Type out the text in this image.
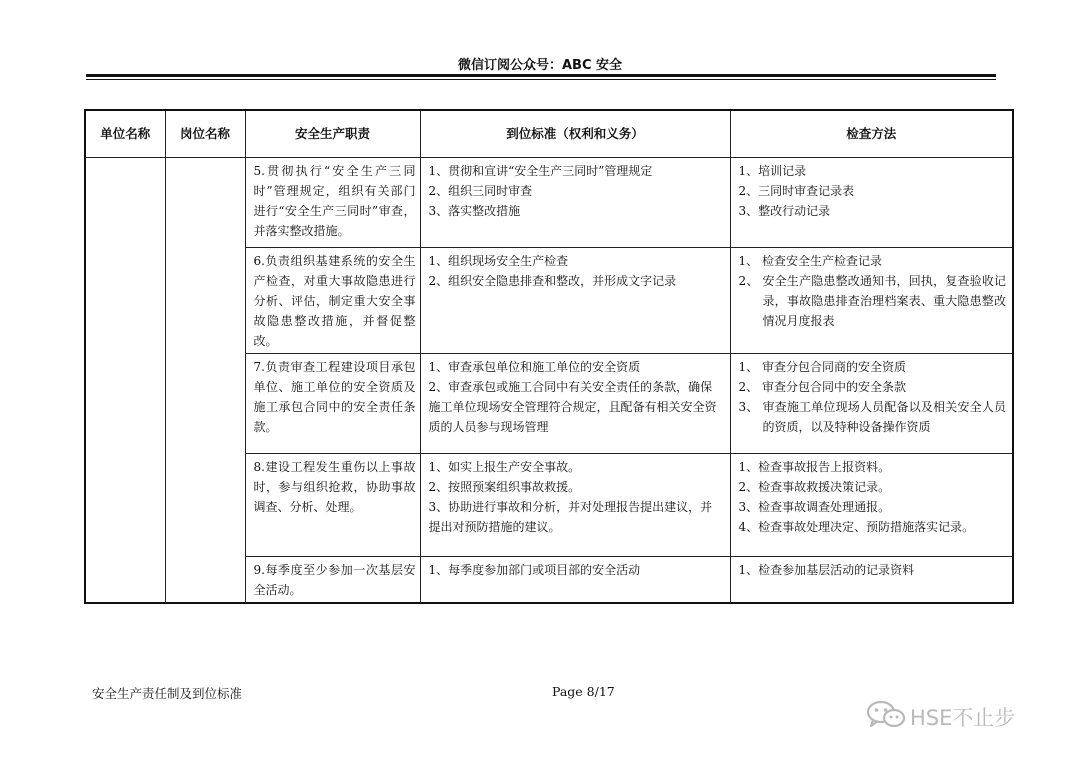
微信订阅公众号：ABC 安全
单位名称	岗位名称	安全生产职责	到位标准（权利和义务）	检查方法
		5.贯彻执行“安全生产三同时”管理规定，组织有关部门进行“安全生产三同时”审查，并落实整改措施。	1、贯彻和宣讲“安全生产三同时”管理规定
2、组织三同时审查
3、落实整改措施	1、培训记录
2、三同时审查记录表
3、整改行动记录

		6.负责组织基建系统的安全生产检查，对重大事故隐患进行分析、评估，制定重大安全事故隐患整改措施，并督促整改。	1、组织现场安全生产检查
2、组织安全隐患排查和整改，并形成文字记录	1、 检查安全生产检查记录
2、 安全生产隐患整改通知书，回执，复查验收记录，事故隐患排查治理档案表、重大隐患整改情况月度报表

		7.负责审查工程建设项目承包单位、施工单位的安全资质及施工承包合同中的安全责任条款。	1、审查承包单位和施工单位的安全资质
2、审查承包或施工合同中有关安全责任的条款，确保施工单位现场安全管理符合规定，且配备有相关安全资质的人员参与现场管理	1、 审查分包合同商的安全资质
2、 审查分包合同中的安全条款
3、 审查施工单位现场人员配备以及相关安全人员的资质，以及特种设备操作资质

		8.建设工程发生重伤以上事故时，参与组织抢救，协助事故调查、分析、处理。	1、如实上报生产安全事故。
2、按照预案组织事故救援。
3、协助进行事故和分析，并对处理报告提出建议，并提出对预防措施的建议。	1、检查事故报告上报资料。
2、检查事故救援决策记录。
3、检查事故调查处理通报。
4、检查事故处理决定、预防措施落实记录。

		9.每季度至少参加一次基层安全活动。	1、每季度参加部门或项目部的安全活动	1、检查参加基层活动的记录资料
安全生产责任制及到位标准	Page 8/17
HSE不止步
